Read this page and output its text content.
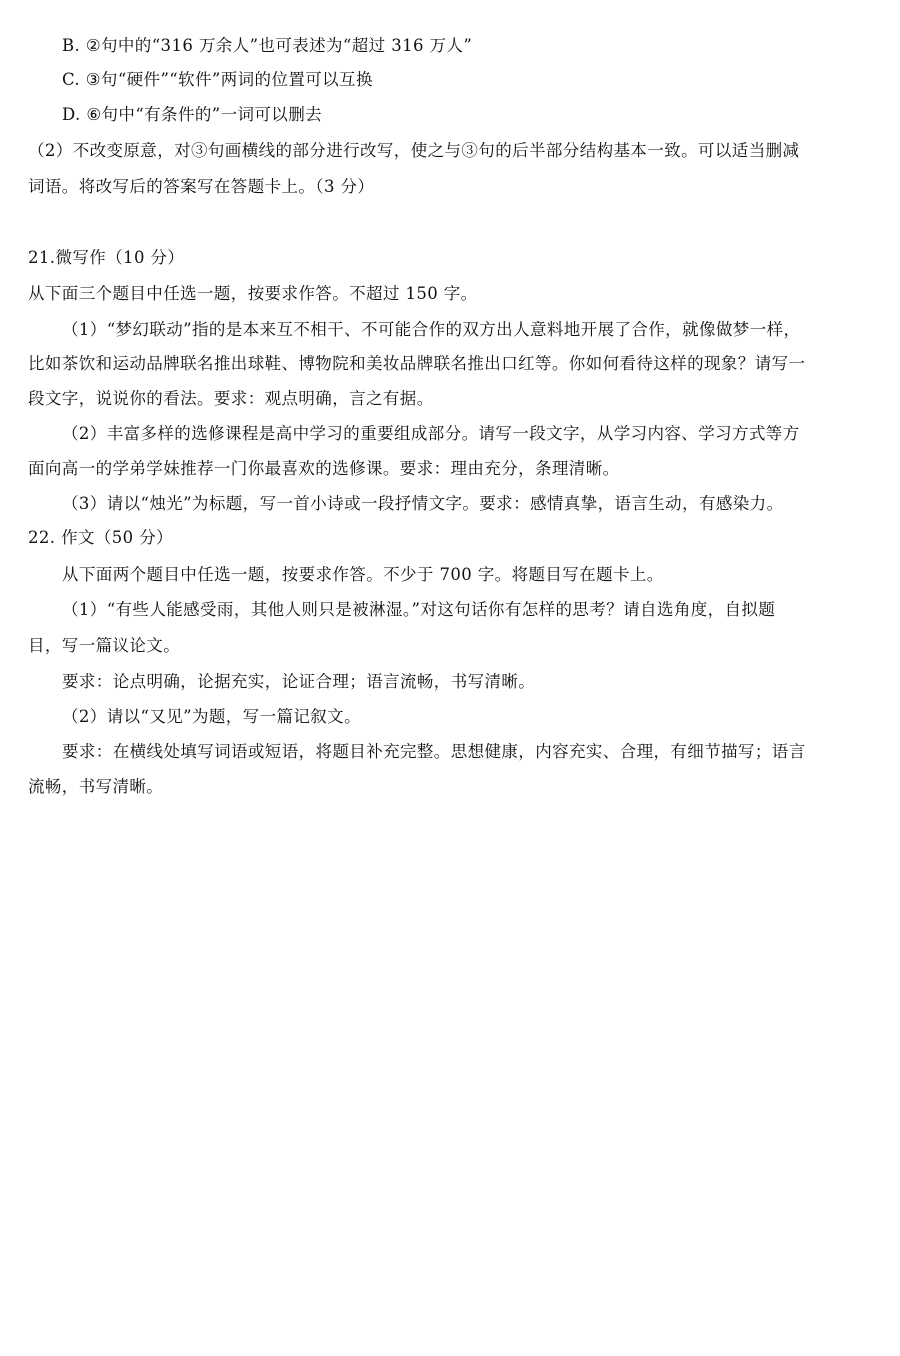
B. ②句中的“316 万余人”也可表述为“超过 316 万人”
C. ③句“硬件”“软件”两词的位置可以互换
D. ⑥句中“有条件的”一词可以删去
（2）不改变原意，对③句画横线的部分进行改写，使之与③句的后半部分结构基本一致。可以适当删减
词语。将改写后的答案写在答题卡上。（3 分）
21.微写作（10 分）
从下面三个题目中任选一题，按要求作答。不超过 150 字。
（1）“梦幻联动”指的是本来互不相干、不可能合作的双方出人意料地开展了合作，就像做梦一样，
比如茶饮和运动品牌联名推出球鞋、博物院和美妆品牌联名推出口红等。你如何看待这样的现象？请写一
段文字，说说你的看法。要求：观点明确，言之有据。
（2）丰富多样的选修课程是高中学习的重要组成部分。请写一段文字，从学习内容、学习方式等方
面向高一的学弟学妹推荐一门你最喜欢的选修课。要求：理由充分，条理清晰。
（3）请以“烛光”为标题，写一首小诗或一段抒情文字。要求：感情真挚，语言生动，有感染力。
22. 作文（50 分）
从下面两个题目中任选一题，按要求作答。不少于 700 字。将题目写在题卡上。
（1）“有些人能感受雨，其他人则只是被淋湿。”对这句话你有怎样的思考？请自选角度，自拟题
目，写一篇议论文。
要求：论点明确，论据充实，论证合理；语言流畅，书写清晰。
（2）请以“又见”为题，写一篇记叙文。
要求：在横线处填写词语或短语，将题目补充完整。思想健康，内容充实、合理，有细节描写；语言
流畅，书写清晰。
